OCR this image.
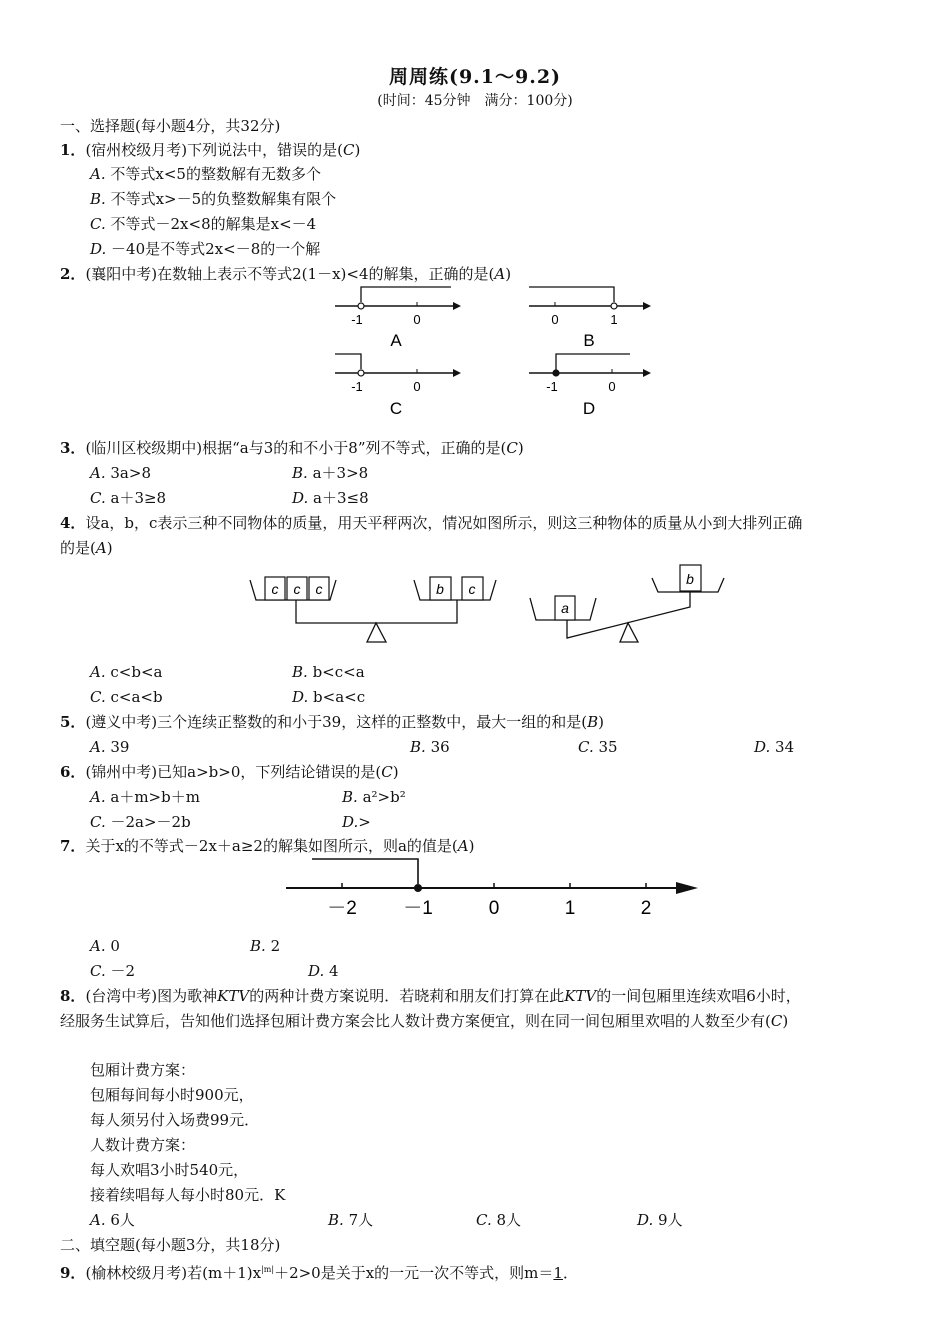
周周练(9.1～9.2)
(时间：45分钟　满分：100分)
一、选择题(每小题4分，共32分)
1．(宿州校级月考)下列说法中，错误的是(C)
A. 不等式x<5的整数解有无数多个
B. 不等式x>－5的负整数解集有限个
C. 不等式－2x<8的解集是x<－4
D. －40是不等式2x<－8的一个解
2．(襄阳中考)在数轴上表示不等式2(1－x)<4的解集，正确的是(A)
-1	0
A
0	1
B
-1	0
C
-1	0
D
3．(临川区校级期中)根据“a与3的和不小于8”列不等式，正确的是(C)
A. 3a>8	B. a＋3>8
C. a＋3≥8	D. a＋3≤8
4．设a，b，c表示三种不同物体的质量，用天平秤两次，情况如图所示，则这三种物体的质量从小到大排列正确
的是(A)
c c c	b c
a
b
A. c<b<a	B. b<c<a
C. c<a<b	D. b<a<c
5．(遵义中考)三个连续正整数的和小于39，这样的正整数中，最大一组的和是(B)
A. 39	B. 36	C. 35	D. 34
6．(锦州中考)已知a>b>0，下列结论错误的是(C)
A. a＋m>b＋m	B. a²>b²
C. －2a>－2b	D.>
7．关于x的不等式－2x＋a≥2的解集如图所示，则a的值是(A)
－2 －1	0	1	2
A. 0	B. 2
C. －2	D. 4
8．(台湾中考)图为歌神KTV的两种计费方案说明．若晓莉和朋友们打算在此KTV的一间包厢里连续欢唱6小时，
经服务生试算后，告知他们选择包厢计费方案会比人数计费方案便宜，则在同一间包厢里欢唱的人数至少有(C)
包厢计费方案：
包厢每间每小时900元，
每人须另付入场费99元．
人数计费方案：
每人欢唱3小时540元，
接着续唱每人每小时80元．K
A. 6人	B. 7人	C. 8人	D. 9人
二、填空题(每小题3分，共18分)
9．(榆林校级月考)若$(m+1)x^{|m|}+2>0$是关于x的一元一次不等式，则m＝1．
